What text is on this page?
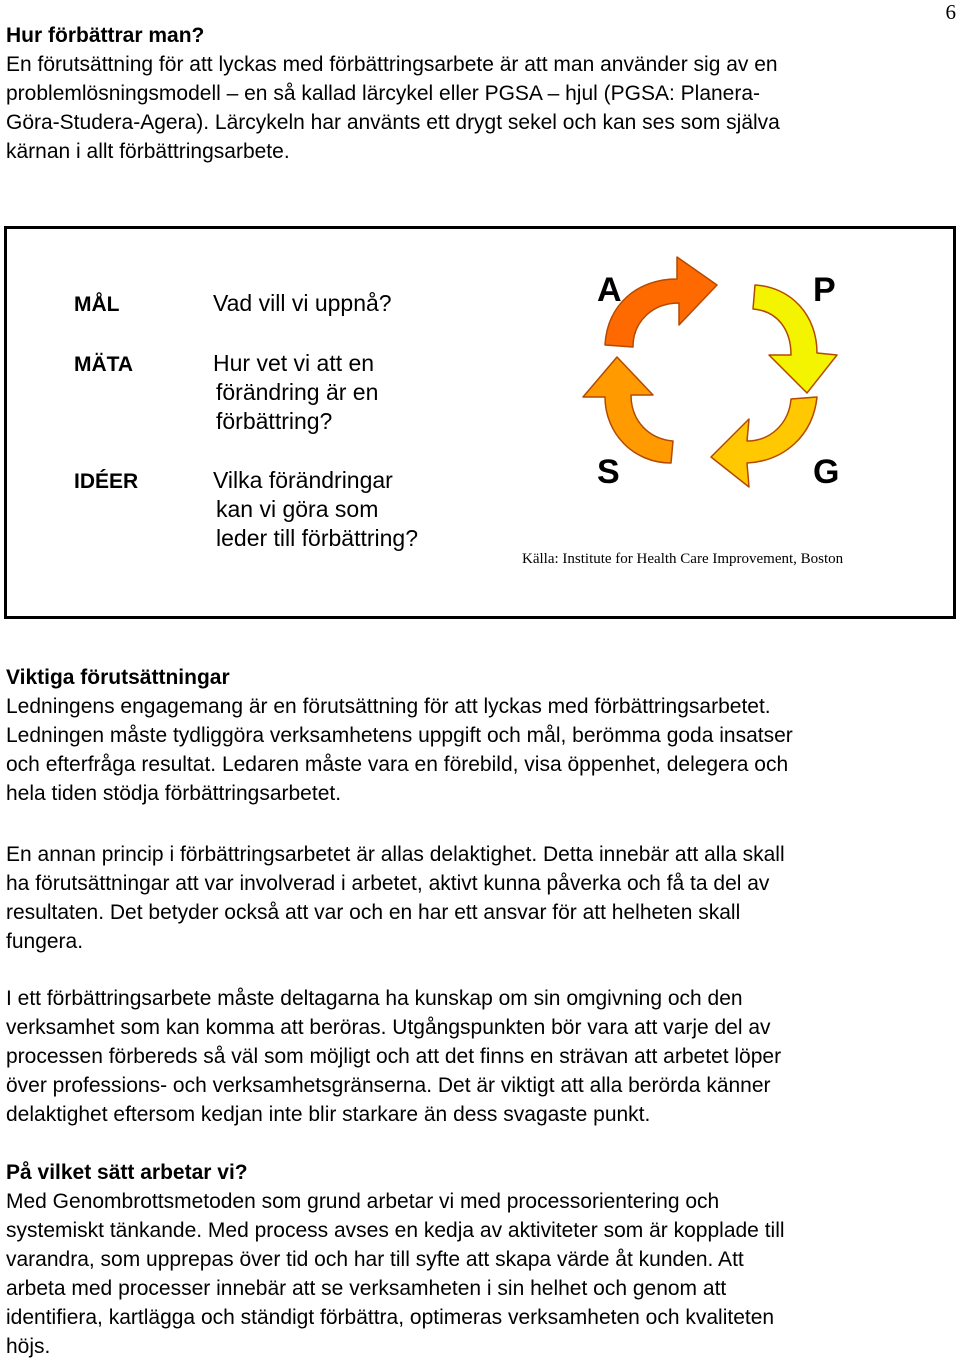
6
Hur förbättrar man?
En förutsättning för att lyckas med förbättringsarbete är att man använder sig av en
problemlösningsmodell – en så kallad lärcykel eller PGSA – hjul (PGSA: Planera-
Göra-Studera-Agera). Lärcykeln har använts ett drygt sekel och kan ses som själva
kärnan i allt förbättringsarbete.
MÅL	Vad vill vi uppnå?
MÄTA	Hur vet vi att en
förändring är en
förbättring?
IDÉER	Vilka förändringar
kan vi göra som
leder till förbättring?
A	P
S	G
Källa: Institute for Health Care Improvement, Boston
Viktiga förutsättningar
Ledningens engagemang är en förutsättning för att lyckas med förbättringsarbetet.
Ledningen måste tydliggöra verksamhetens uppgift och mål, berömma goda insatser
och efterfråga resultat. Ledaren måste vara en förebild, visa öppenhet, delegera och
hela tiden stödja förbättringsarbetet.
En annan princip i förbättringsarbetet är allas delaktighet. Detta innebär att alla skall
ha förutsättningar att var involverad i arbetet, aktivt kunna påverka och få ta del av
resultaten. Det betyder också att var och en har ett ansvar för att helheten skall
fungera.
I ett förbättringsarbete måste deltagarna ha kunskap om sin omgivning och den
verksamhet som kan komma att beröras. Utgångspunkten bör vara att varje del av
processen förbereds så väl som möjligt och att det finns en strävan att arbetet löper
över professions- och verksamhetsgränserna. Det är viktigt att alla berörda känner
delaktighet eftersom kedjan inte blir starkare än dess svagaste punkt.
På vilket sätt arbetar vi?
Med Genombrottsmetoden som grund arbetar vi med processorientering och
systemiskt tänkande. Med process avses en kedja av aktiviteter som är kopplade till
varandra, som upprepas över tid och har till syfte att skapa värde åt kunden. Att
arbeta med processer innebär att se verksamheten i sin helhet och genom att
identifiera, kartlägga och ständigt förbättra, optimeras verksamheten och kvaliteten
höjs.
